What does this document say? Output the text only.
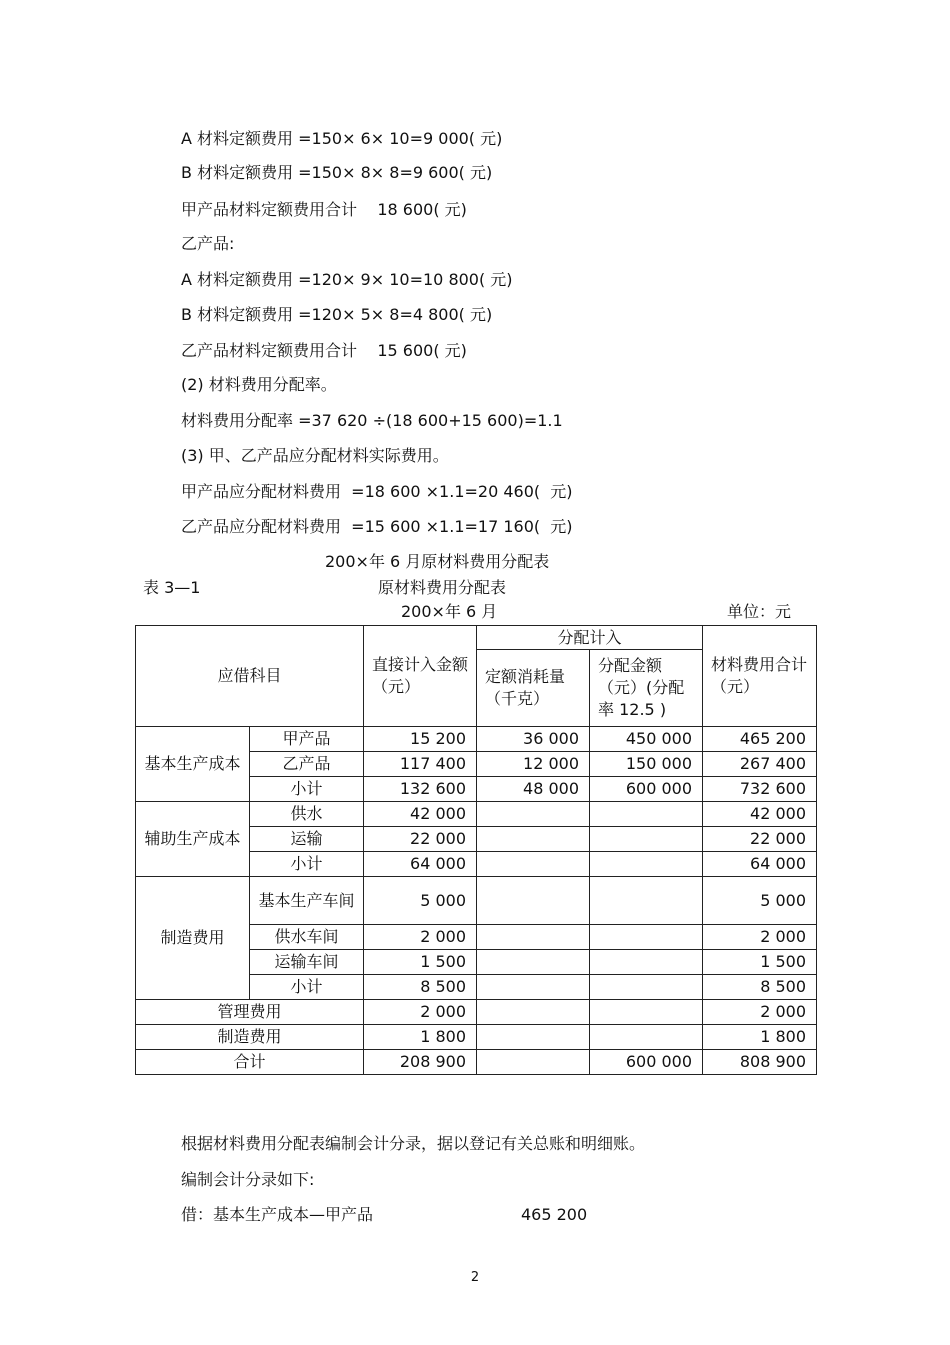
A 材料定额费用 =150× 6× 10=9 000( 元)
B 材料定额费用 =150× 8× 8=9 600( 元)
甲产品材料定额费用合计    18 600( 元)
乙产品:
A 材料定额费用 =120× 9× 10=10 800( 元)
B 材料定额费用 =120× 5× 8=4 800( 元)
乙产品材料定额费用合计    15 600( 元)
(2) 材料费用分配率。
材料费用分配率 =37 620 ÷(18 600+15 600)=1.1
(3) 甲、乙产品应分配材料实际费用。
甲产品应分配材料费用  =18 600 ×1.1=20 460(  元)
乙产品应分配材料费用  =15 600 ×1.1=17 160(  元)
200×年 6 月原材料费用分配表
表 3—1	原材料费用分配表
200×年 6 月	单位：元
应借科目		直接计入金额（元）	分配计入		材料费用合计（元）
			定额消耗量（千克）	分配金额（元）(分配率 12.5 )	
基本生产成本	甲产品	15 200	36 000	450 000	465 200
	乙产品	117 400	12 000	150 000	267 400
	小计	132 600	48 000	600 000	732 600
辅助生产成本	供水	42 000			42 000
	运输	22 000			22 000
	小计	64 000			64 000
制造费用	基本生产车间	5 000			5 000
	供水车间	2 000			2 000
	运输车间	1 500			1 500
	小计	8 500			8 500
管理费用		2 000			2 000
制造费用		1 800			1 800
合计		208 900		600 000	808 900
根据材料费用分配表编制会计分录，据以登记有关总账和明细账。
编制会计分录如下:
借：基本生产成本—甲产品	465 200
2
